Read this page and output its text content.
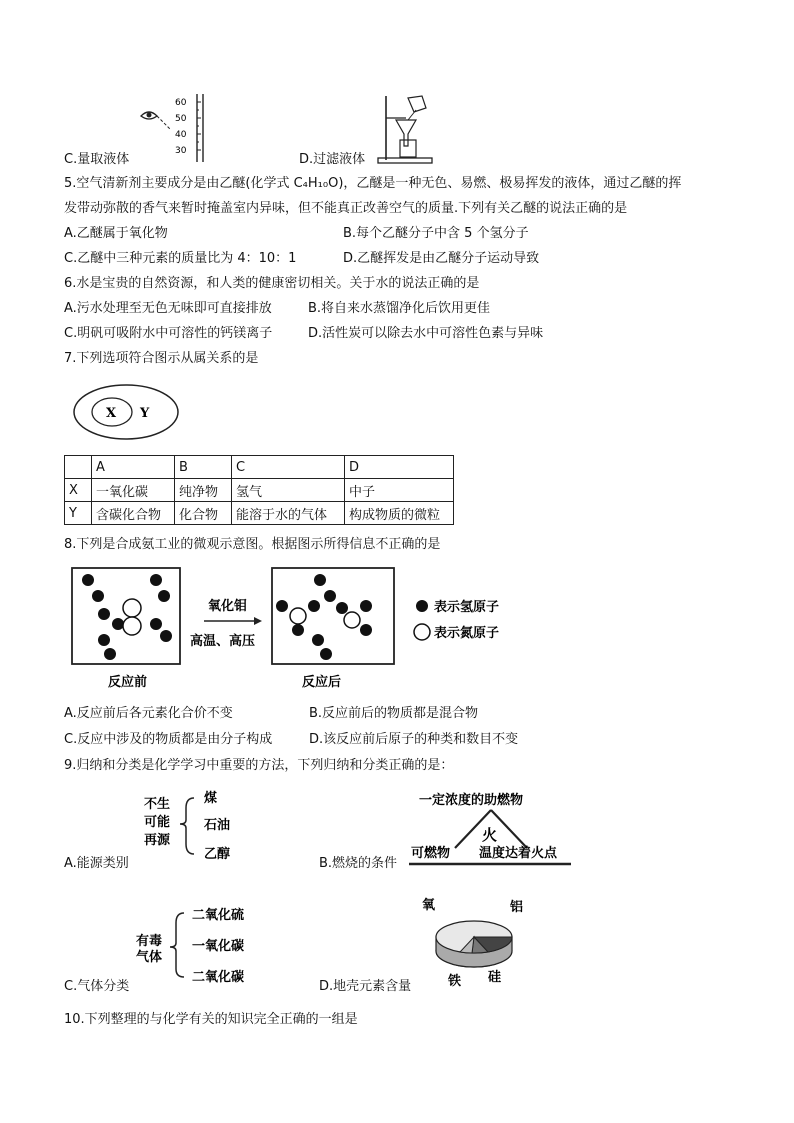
60
50
40
30
C.量取液体	D.过滤液体
5.空气清新剂主要成分是由乙醚(化学式 C₄H₁₀O)，乙醚是一种无色、易燃、极易挥发的液体，通过乙醚的挥
发带动弥散的香气来暂时掩盖室内异味，但不能真正改善空气的质量.下列有关乙醚的说法正确的是
A.乙醚属于氧化物	B.每个乙醚分子中含 5 个氢分子
C.乙醚中三种元素的质量比为 4：10：1	D.乙醚挥发是由乙醚分子运动导致
6.水是宝贵的自然资源，和人类的健康密切相关。关于水的说法正确的是
A.污水处理至无色无味即可直接排放	B.将自来水蒸馏净化后饮用更佳
C.明矾可吸附水中可溶性的钙镁离子	D.活性炭可以除去水中可溶性色素与异味
7.下列选项符合图示从属关系的是
X Y
	A	B	C	D
X	一氧化碳	纯净物	氢气	中子
Y	含碳化合物	化合物	能溶于水的气体	构成物质的微粒
8.下列是合成氨工业的微观示意图。根据图示所得信息不正确的是
氧化钼
高温、高压
表示氢原子
表示氮原子
反应前	反应后
A.反应前后各元素化合价不变	B.反应前后的物质都是混合物
C.反应中涉及的物质都是由分子构成	D.该反应前后原子的种类和数目不变
9.归纳和分类是化学学习中重要的方法，下列归纳和分类正确的是：
不生
可能
再源
煤
石油
乙醇
A.能源类别
一定浓度的助燃物
火
可燃物 温度达着火点
B.燃烧的条件
有毒
气体
二氧化硫
一氧化碳
二氧化碳
C.气体分类
氧	铝
铁 硅
D.地壳元素含量
10.下列整理的与化学有关的知识完全正确的一组是
